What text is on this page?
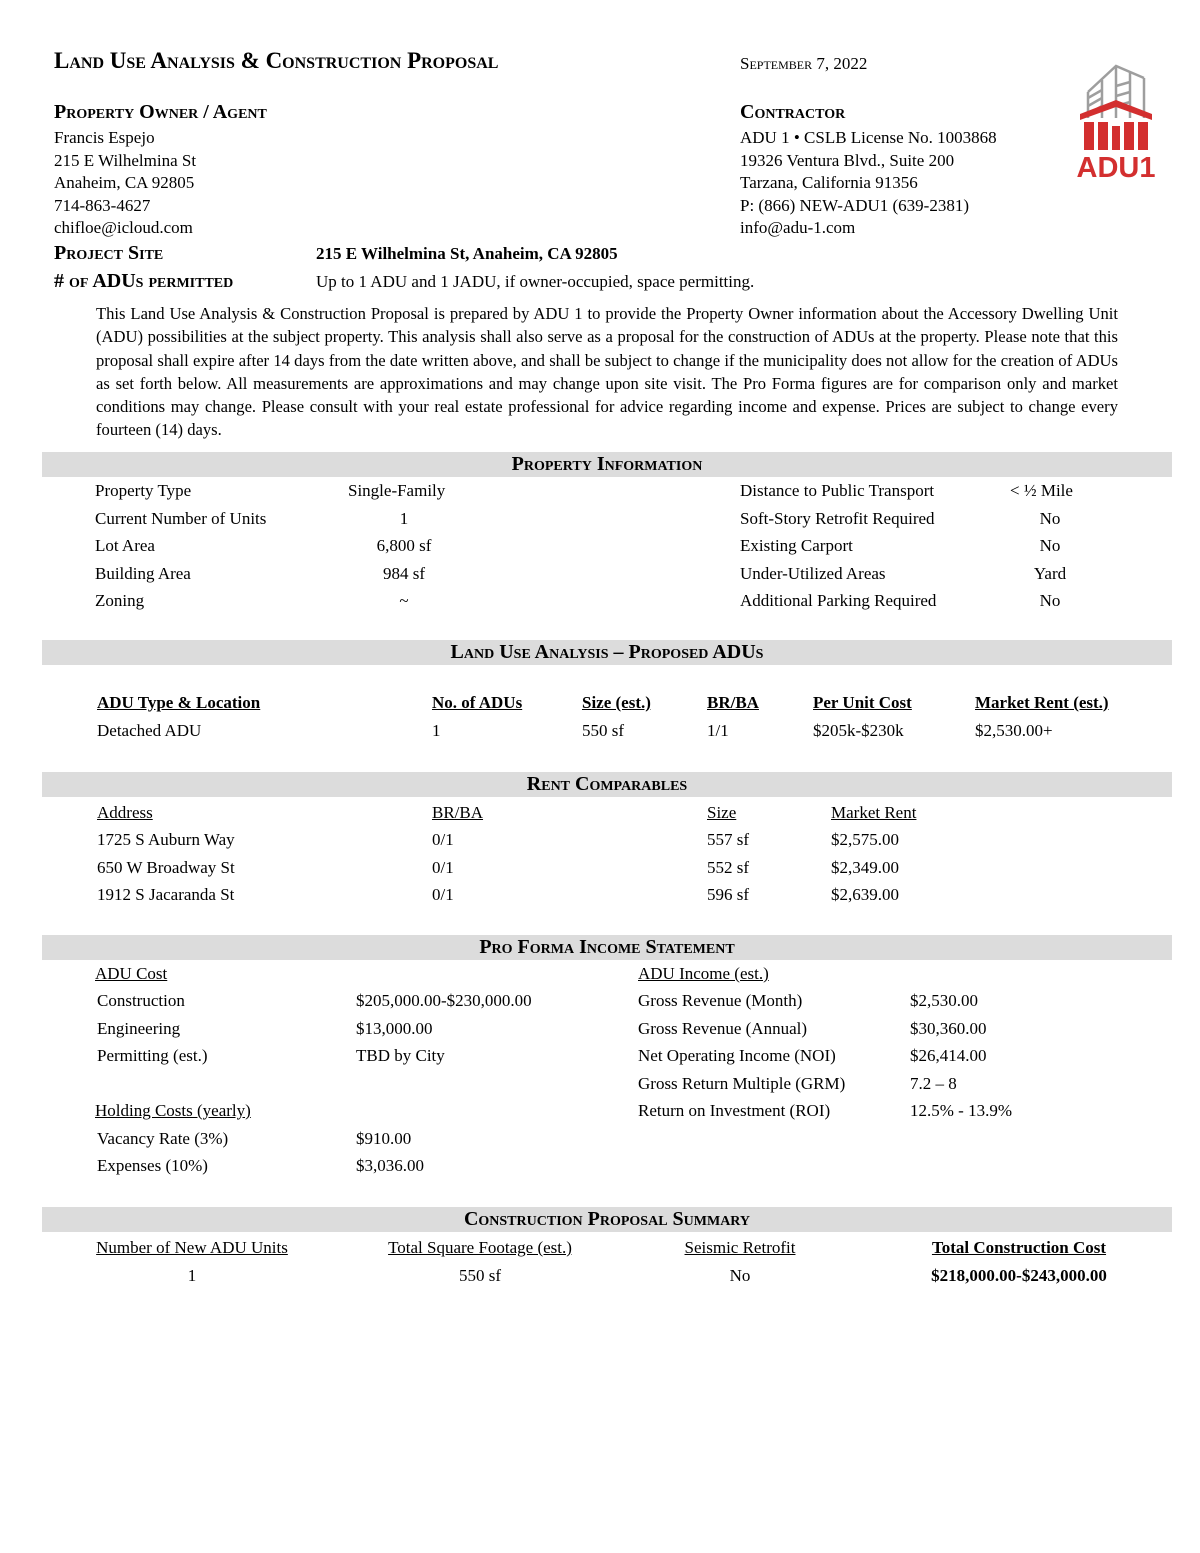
Land Use Analysis & Construction Proposal	September 7, 2022
Property Owner / Agent
Francis Espejo
215 E Wilhelmina St
Anaheim, CA 92805
714-863-4627
chifloe@icloud.com
Contractor
ADU 1 • CSLB License No. 1003868
19326 Ventura Blvd., Suite 200
Tarzana, California 91356
P: (866) NEW-ADU1 (639-2381)
info@adu-1.com
ADU1
Project Site	215 E Wilhelmina St, Anaheim, CA 92805
# of ADUs permitted	Up to 1 ADU and 1 JADU, if owner-occupied, space permitting.
This Land Use Analysis & Construction Proposal is prepared by ADU 1 to provide the Property Owner information about the Accessory Dwelling Unit (ADU) possibilities at the subject property. This analysis shall also serve as a proposal for the construction of ADUs at the property. Please note that this proposal shall expire after 14 days from the date written above, and shall be subject to change if the municipality does not allow for the creation of ADUs as set forth below. All measurements are approximations and may change upon site visit. The Pro Forma figures are for comparison only and market conditions may change. Please consult with your real estate professional for advice regarding income and expense. Prices are subject to change every fourteen (14) days.
Property Information
Property Type	Single-Family
Current Number of Units	1
Lot Area	6,800 sf
Building Area	984 sf
Zoning	~
Distance to Public Transport	< ½ Mile
Soft-Story Retrofit Required	No
Existing Carport	No
Under-Utilized Areas	Yard
Additional Parking Required	No
Land Use Analysis – Proposed ADUs
ADU Type & Location	No. of ADUs	Size (est.)	BR/BA	Per Unit Cost	Market Rent (est.)
Detached ADU	1	550 sf	1/1	$205k-$230k	$2,530.00+
Rent Comparables
Address	BR/BA	Size	Market Rent
1725 S Auburn Way	0/1	557 sf	$2,575.00
650 W Broadway St	0/1	552 sf	$2,349.00
1912 S Jacaranda St	0/1	596 sf	$2,639.00
Pro Forma Income Statement
ADU Cost
Construction	$205,000.00-$230,000.00
Engineering	$13,000.00
Permitting (est.)	TBD by City
Holding Costs (yearly)
Vacancy Rate (3%)	$910.00
Expenses (10%)	$3,036.00
ADU Income (est.)
Gross Revenue (Month)	$2,530.00
Gross Revenue (Annual)	$30,360.00
Net Operating Income (NOI)	$26,414.00
Gross Return Multiple (GRM)	7.2 – 8
Return on Investment (ROI)	12.5% - 13.9%
Construction Proposal Summary
Number of New ADU Units	Total Square Footage (est.)	Seismic Retrofit	Total Construction Cost
1	550 sf	No	$218,000.00-$243,000.00
